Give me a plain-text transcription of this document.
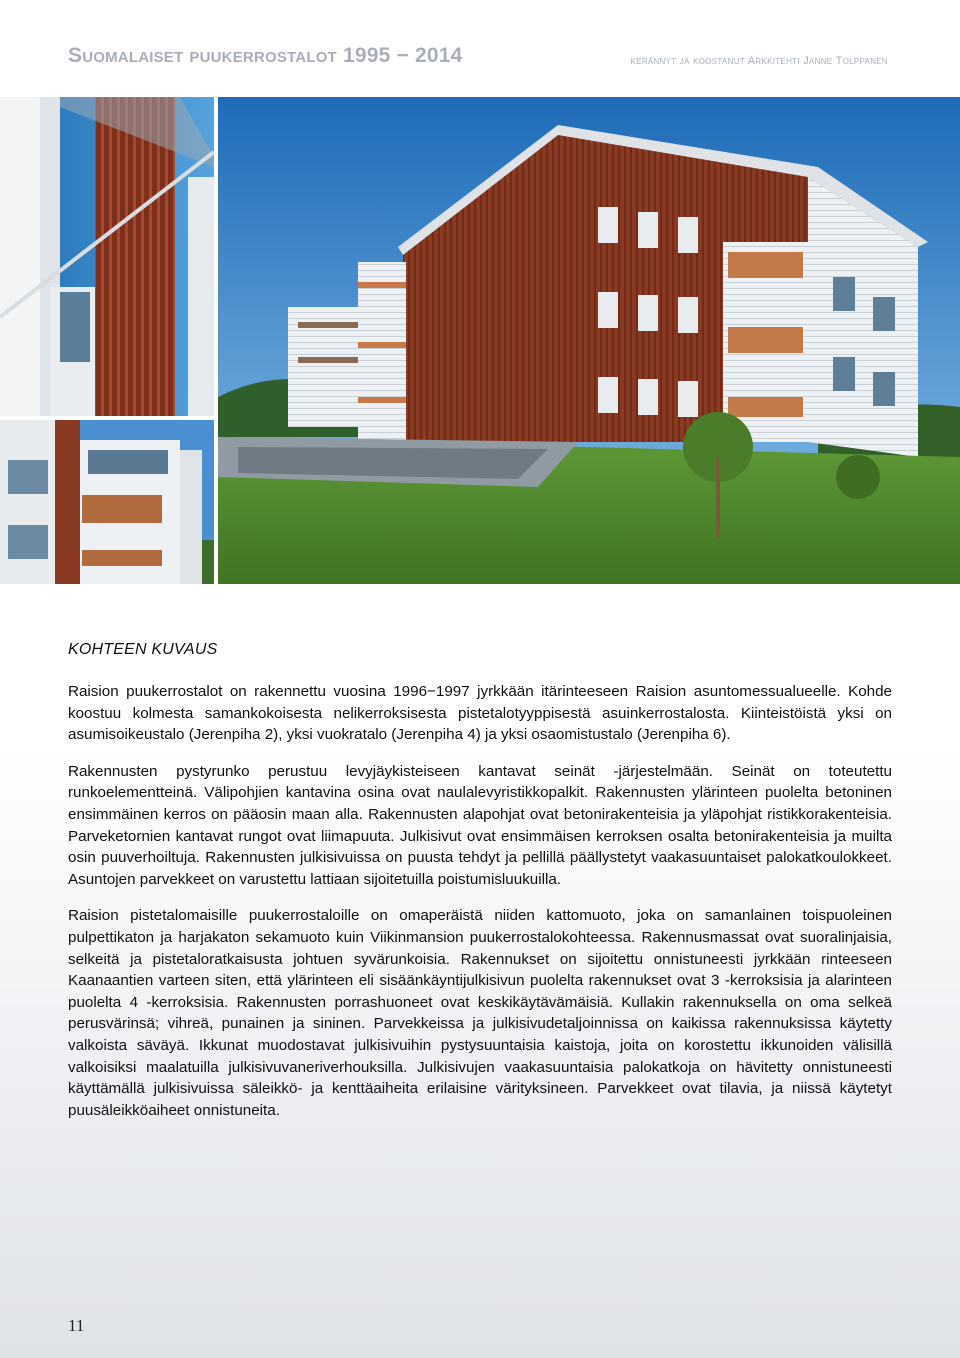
Suomalaiset puukerrostalot 1995 − 2014	kerännyt ja koostanut Arkkitehti Janne Tolppanen
KOHTEEN KUVAUS

Raision puukerrostalot on rakennettu vuosina 1996−1997 jyrkkään itärinteeseen Raision asuntomessualueelle. Kohde koostuu kolmesta samankokoisesta nelikerroksisesta pistetalotyyppisestä asuinkerrostalosta. Kiinteistöistä yksi on asumisoikeustalo (Jerenpiha 2), yksi vuokratalo (Jerenpiha 4) ja yksi osaomistustalo (Jerenpiha 6).

Rakennusten pystyrunko perustuu levyjäykisteiseen kantavat seinät -järjestelmään. Seinät on toteutettu runkoelementteinä. Välipohjien kantavina osina ovat naulalevyristikkopalkit. Rakennusten ylärinteen puolelta betoninen ensimmäinen kerros on pääosin maan alla. Rakennusten alapohjat ovat betonirakenteisia ja yläpohjat ristikkorakenteisia. Parveketornien kantavat rungot ovat liimapuuta. Julkisivut ovat ensimmäisen kerroksen osalta betonirakenteisia ja muilta osin puuverhoiltuja. Rakennusten julkisivuissa on puusta tehdyt ja pellillä päällystetyt vaakasuuntaiset palokatkoulokkeet. Asuntojen parvekkeet on varustettu lattiaan sijoitetuilla poistumisluukuilla.

Raision pistetalomaisille puukerrostaloille on omaperäistä niiden kattomuoto, joka on samanlainen toispuoleinen pulpettikaton ja harjakaton sekamuoto kuin Viikinmansion puukerrostalokohteessa. Rakennusmassat ovat suoralinjaisia, selkeitä ja pistetaloratkaisusta johtuen syvärunkoisia. Rakennukset on sijoitettu onnistuneesti jyrkkään rinteeseen Kaanaantien varteen siten, että ylärinteen eli sisäänkäyntijulkisivun puolelta rakennukset ovat 3 -kerroksisia ja alarinteen puolelta 4 -kerroksisia. Rakennusten porrashuoneet ovat keskikäytävämäisiä. Kullakin rakennuksella on oma selkeä perusvärinsä; vihreä, punainen ja sininen. Parvekkeissa ja julkisivudetaljoinnissa on kaikissa rakennuksissa käytetty valkoista säväyä. Ikkunat muodostavat julkisivuihin pystysuuntaisia kaistoja, joita on korostettu ikkunoiden välisillä valkoisiksi maalatuilla julkisivuvaneriverhouksilla. Julkisivujen vaakasuuntaisia palokatkoja on hävitetty onnistuneesti käyttämällä julkisivuissa säleikkö- ja kenttäaiheita erilaisine värityksineen. Parvekkeet ovat tilavia, ja niissä käytetyt puusäleikköaiheet onnistuneita.

11
